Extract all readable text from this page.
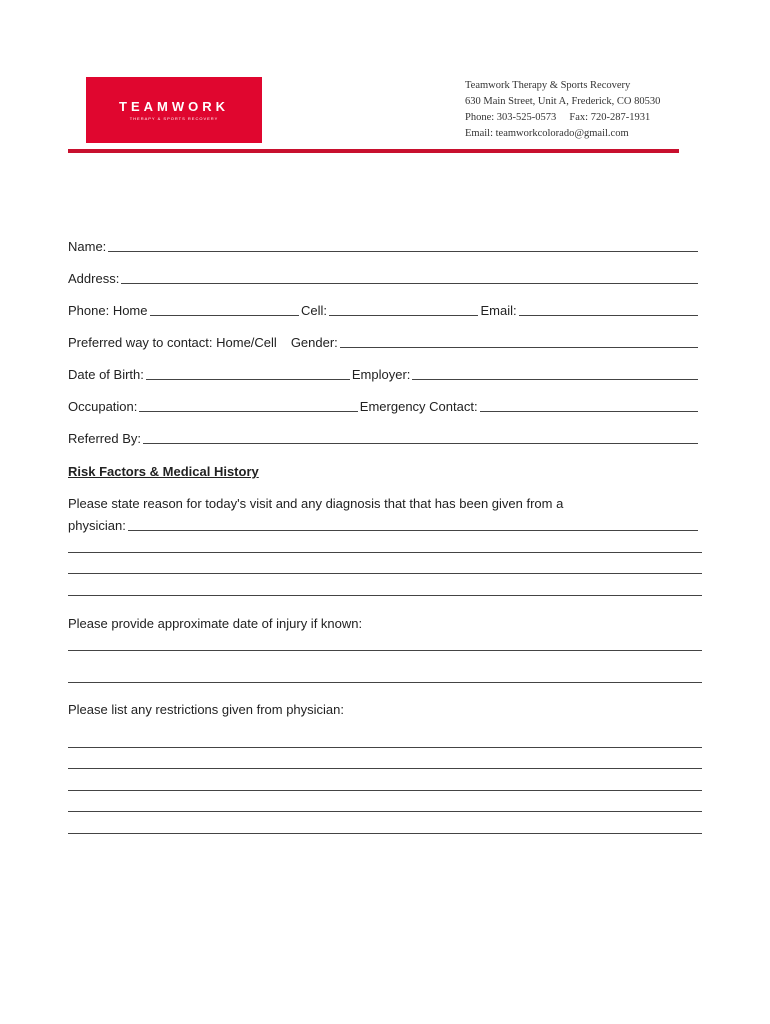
TEAMWORK
THERAPY & SPORTS RECOVERY
Teamwork Therapy & Sports Recovery
630 Main Street, Unit A, Frederick, CO 80530
Phone: 303-525-0573 Fax: 720-287-1931
Email: teamworkcolorado@gmail.com
Name:
Address:
Phone: Home	Cell:	Email:
Preferred way to contact: Home/Cell Gender:
Date of Birth:	Employer:
Occupation:	Emergency Contact:
Referred By:
Risk Factors & Medical History
Please state reason for today's visit and any diagnosis that that has been given from a
physician:
Please provide approximate date of injury if known:
Please list any restrictions given from physician:
